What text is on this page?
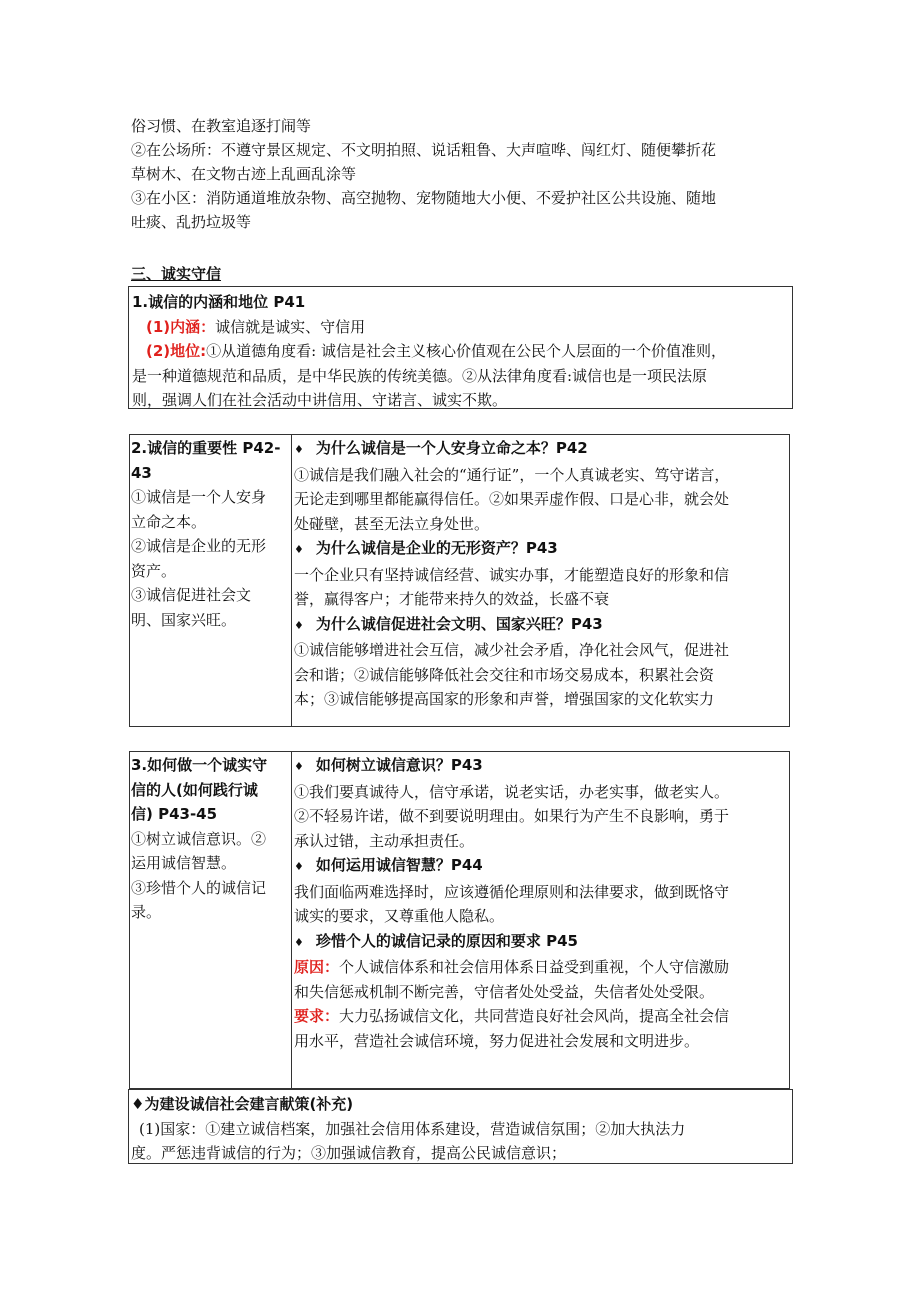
俗习惯、在教室追逐打闹等
②在公场所：不遵守景区规定、不文明拍照、说话粗鲁、大声喧哗、闯红灯、随便攀折花
草树木、在文物古迹上乱画乱涂等
③在小区：消防通道堆放杂物、高空抛物、宠物随地大小便、不爱护社区公共设施、随地
吐痰、乱扔垃圾等
三、诚实守信

1.诚信的内涵和地位 P41

(1)内涵：诚信就是诚实、守信用

(2)地位:①从道德角度看: 诚信是社会主义核心价值观在公民个人层面的一个价值准则，

是一种道德规范和品质，是中华民族的传统美德。②从法律角度看:诚信也是一项民法原

则，强调人们在社会活动中讲信用、守诺言、诚实不欺。

2.诚信的重要性 P42-

43

①诚信是一个人安身

立命之本。

②诚信是企业的无形

资产。

③诚信促进社会文

明、国家兴旺。

♦ 为什么诚信是一个人安身立命之本？P42

①诚信是我们融入社会的“通行证”，一个人真诚老实、笃守诺言，

无论走到哪里都能赢得信任。②如果弄虚作假、口是心非，就会处

处碰壁，甚至无法立身处世。

♦ 为什么诚信是企业的无形资产？P43

一个企业只有坚持诚信经营、诚实办事，才能塑造良好的形象和信

誉，赢得客户；才能带来持久的效益，长盛不衰

♦ 为什么诚信促进社会文明、国家兴旺？P43

①诚信能够增进社会互信，减少社会矛盾，净化社会风气，促进社

会和谐；②诚信能够降低社会交往和市场交易成本，积累社会资

本；③诚信能够提高国家的形象和声誉，增强国家的文化软实力

3.如何做一个诚实守

信的人(如何践行诚

信) P43-45

①树立诚信意识。②

运用诚信智慧。

③珍惜个人的诚信记

录。

♦ 如何树立诚信意识？P43

①我们要真诚待人，信守承诺，说老实话，办老实事，做老实人。

②不轻易许诺，做不到要说明理由。如果行为产生不良影响，勇于

承认过错，主动承担责任。

♦ 如何运用诚信智慧？P44

我们面临两难选择时，应该遵循伦理原则和法律要求，做到既恪守

诚实的要求，又尊重他人隐私。

♦ 珍惜个人的诚信记录的原因和要求 P45

原因：个人诚信体系和社会信用体系日益受到重视，个人守信激励

和失信惩戒机制不断完善，守信者处处受益，失信者处处受限。

要求：大力弘扬诚信文化，共同营造良好社会风尚，提高全社会信

用水平，营造社会诚信环境，努力促进社会发展和文明进步。

♦为建设诚信社会建言献策(补充)

(1)国家：①建立诚信档案，加强社会信用体系建设，营造诚信氛围；②加大执法力

度。严惩违背诚信的行为；③加强诚信教育，提高公民诚信意识；
